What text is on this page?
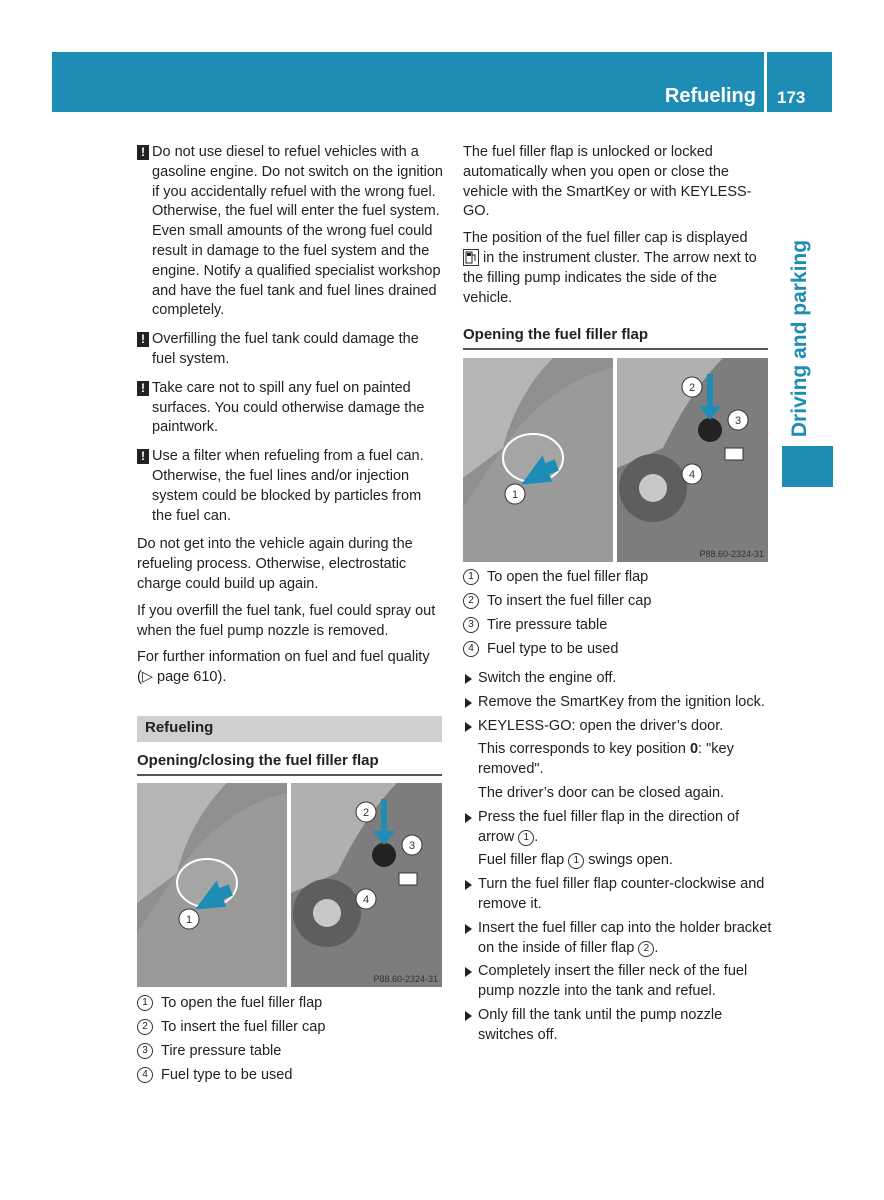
Refueling 173
Driving and parking
! Do not use diesel to refuel vehicles with a gasoline engine. Do not switch on the ignition if you accidentally refuel with the wrong fuel. Otherwise, the fuel will enter the fuel system. Even small amounts of the wrong fuel could result in damage to the fuel system and the engine. Notify a qualified specialist workshop and have the fuel tank and fuel lines drained completely.
! Overfilling the fuel tank could damage the fuel system.
! Take care not to spill any fuel on painted surfaces. You could otherwise damage the paintwork.
! Use a filter when refueling from a fuel can. Otherwise, the fuel lines and/or injection system could be blocked by particles from the fuel can.

Do not get into the vehicle again during the refueling process. Otherwise, electrostatic charge could build up again.

If you overfill the fuel tank, fuel could spray out when the fuel pump nozzle is removed.

For further information on fuel and fuel quality (▷ page 610).

Refueling
Opening/closing the fuel filler flap
1
2
3
4
P88.60-2324-31
1 To open the fuel filler flap
2 To insert the fuel filler cap
3 Tire pressure table
4 Fuel type to be used

The fuel filler flap is unlocked or locked automatically when you open or close the vehicle with the SmartKey or with KEYLESS-GO.

The position of the fuel filler cap is displayed
in the instrument cluster. The arrow next to the filling pump indicates the side of the vehicle.

Opening the fuel filler flap
1
2
3
4
P88.60-2324-31
1 To open the fuel filler flap
2 To insert the fuel filler cap
3 Tire pressure table
4 Fuel type to be used
Switch the engine off.
Remove the SmartKey from the ignition lock.
KEYLESS-GO: open the driver’s door.
This corresponds to key position 0: "key removed".
The driver’s door can be closed again.
Press the fuel filler flap in the direction of arrow 1 .
Fuel filler flap 1 swings open.
Turn the fuel filler flap counter-clockwise and remove it.
Insert the fuel filler cap into the holder bracket on the inside of filler flap 2 .
Completely insert the filler neck of the fuel pump nozzle into the tank and refuel.
Only fill the tank until the pump nozzle switches off.
